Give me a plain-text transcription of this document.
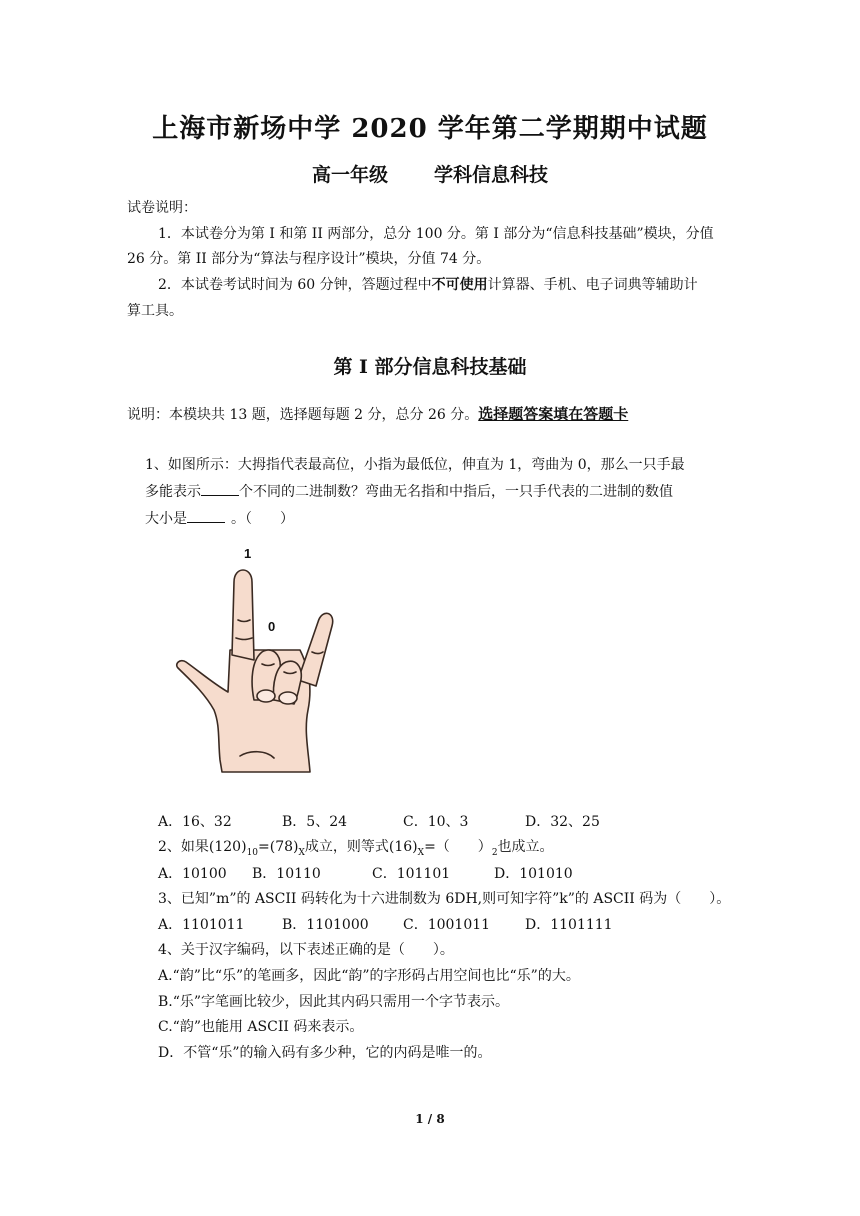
上海市新场中学 2020 学年第二学期期中试题
高一年级 学科信息科技
试卷说明：
1．本试卷分为第 I 和第 II 两部分，总分 100 分。第 I 部分为“信息科技基础”模块，分值
26 分。第 II 部分为“算法与程序设计”模块，分值 74 分。
2．本试卷考试时间为 60 分钟，答题过程中不可使用计算器、手机、电子词典等辅助计
算工具。
第 I 部分信息科技基础
说明：本模块共 13 题，选择题每题 2 分，总分 26 分。选择题答案填在答题卡
1、如图所示：大拇指代表最高位，小指为最低位，伸直为 1，弯曲为 0，那么一只手最
多能表示	个不同的二进制数？弯曲无名指和中指后，一只手代表的二进制的数值
大小是	。（　　）
1
0
A．16、32	B．5、24	C．10、3	D．32、25
2、如果$(120)_{10}=(78)_X$成立，则等式$(16)_X=$（　　）$_2$也成立。
A．10100 B．10110	C．101101	D．101010
3、已知”m”的 ASCII 码转化为十六进制数为 6DH,则可知字符”k”的 ASCII 码为（　　）。
A．1101011	B．1101000 C．1001011 D．1101111
4、关于汉字编码，以下表述正确的是（　　）。
A.“韵”比“乐”的笔画多，因此“韵”的字形码占用空间也比“乐”的大。
B.“乐”字笔画比较少，因此其内码只需用一个字节表示。
C.“韵”也能用 ASCII 码来表示。
D．不管“乐”的输入码有多少种，它的内码是唯一的。
1 / 8
